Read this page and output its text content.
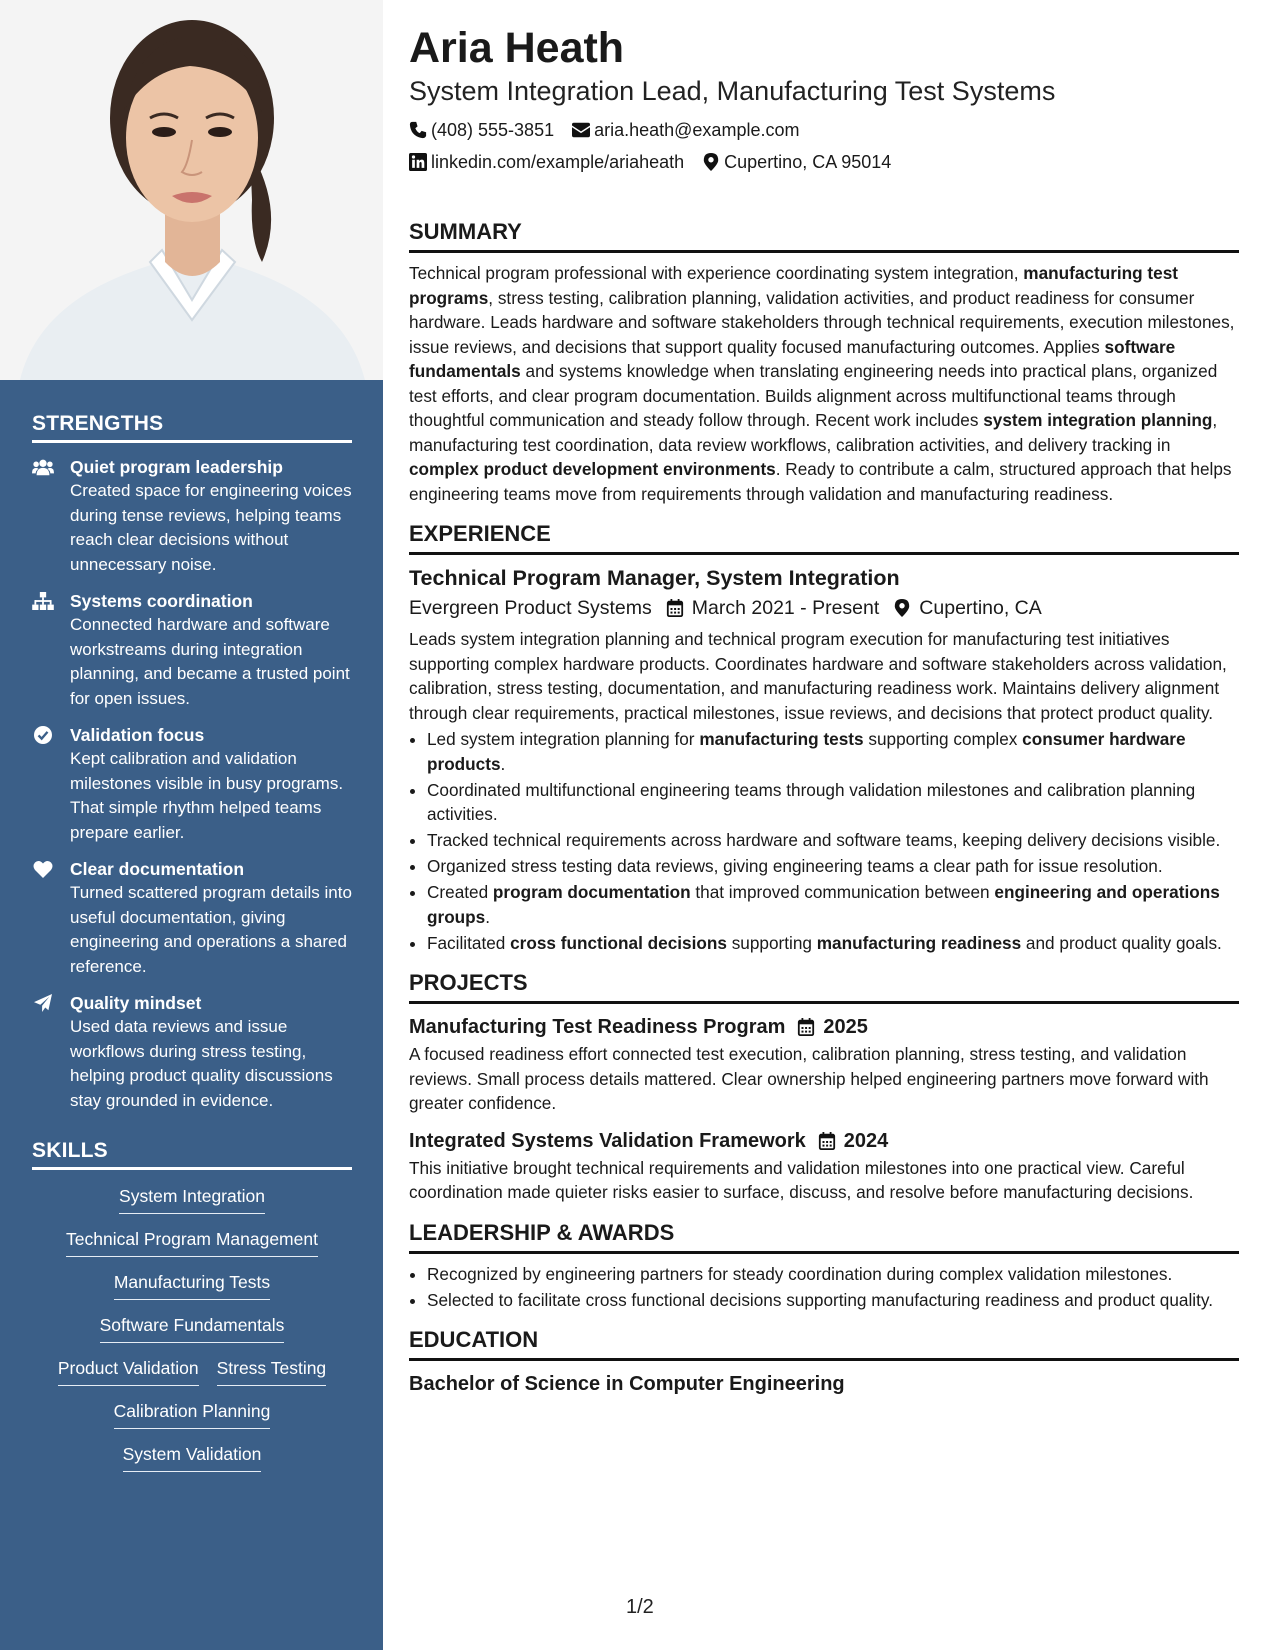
STRENGTHS
Quiet program leadership
Created space for engineering voices during tense reviews, helping teams reach clear decisions without unnecessary noise.
Systems coordination
Connected hardware and software workstreams during integration planning, and became a trusted point for open issues.
Validation focus
Kept calibration and validation milestones visible in busy programs. That simple rhythm helped teams prepare earlier.
Clear documentation
Turned scattered program details into useful documentation, giving engineering and operations a shared reference.
Quality mindset
Used data reviews and issue workflows during stress testing, helping product quality discussions stay grounded in evidence.
SKILLS
System Integration
Technical Program Management
Manufacturing Tests
Software Fundamentals
Product Validation Stress Testing
Calibration Planning
System Validation
Aria Heath
System Integration Lead, Manufacturing Test Systems
(408) 555-3851 aria.heath@example.com
linkedin.com/example/ariaheath Cupertino, CA 95014
SUMMARY

Technical program professional with experience coordinating system integration, manufacturing test programs, stress testing, calibration planning, validation activities, and product readiness for consumer hardware. Leads hardware and software stakeholders through technical requirements, execution milestones, issue reviews, and decisions that support quality focused manufacturing outcomes. Applies software fundamentals and systems knowledge when translating engineering needs into practical plans, organized test efforts, and clear program documentation. Builds alignment across multifunctional teams through thoughtful communication and steady follow through. Recent work includes system integration planning, manufacturing test coordination, data review workflows, calibration activities, and delivery tracking in complex product development environments. Ready to contribute a calm, structured approach that helps engineering teams move from requirements through validation and manufacturing readiness.

EXPERIENCE
Technical Program Manager, System Integration
Evergreen Product Systems March 2021 - Present Cupertino, CA

Leads system integration planning and technical program execution for manufacturing test initiatives supporting complex hardware products. Coordinates hardware and software stakeholders across validation, calibration, stress testing, documentation, and manufacturing readiness work. Maintains delivery alignment through clear requirements, practical milestones, issue reviews, and decisions that protect product quality.

• Led system integration planning for manufacturing tests supporting complex consumer hardware products.
• Coordinated multifunctional engineering teams through validation milestones and calibration planning activities.
• Tracked technical requirements across hardware and software teams, keeping delivery decisions visible.
• Organized stress testing data reviews, giving engineering teams a clear path for issue resolution.
• Created program documentation that improved communication between engineering and operations groups.
• Facilitated cross functional decisions supporting manufacturing readiness and product quality goals.
PROJECTS
Manufacturing Test Readiness Program 2025

A focused readiness effort connected test execution, calibration planning, stress testing, and validation reviews. Small process details mattered. Clear ownership helped engineering partners move forward with greater confidence.

Integrated Systems Validation Framework 2024

This initiative brought technical requirements and validation milestones into one practical view. Careful coordination made quieter risks easier to surface, discuss, and resolve before manufacturing decisions.

LEADERSHIP & AWARDS
• Recognized by engineering partners for steady coordination during complex validation milestones.
• Selected to facilitate cross functional decisions supporting manufacturing readiness and product quality.
EDUCATION
Bachelor of Science in Computer Engineering
1/2
